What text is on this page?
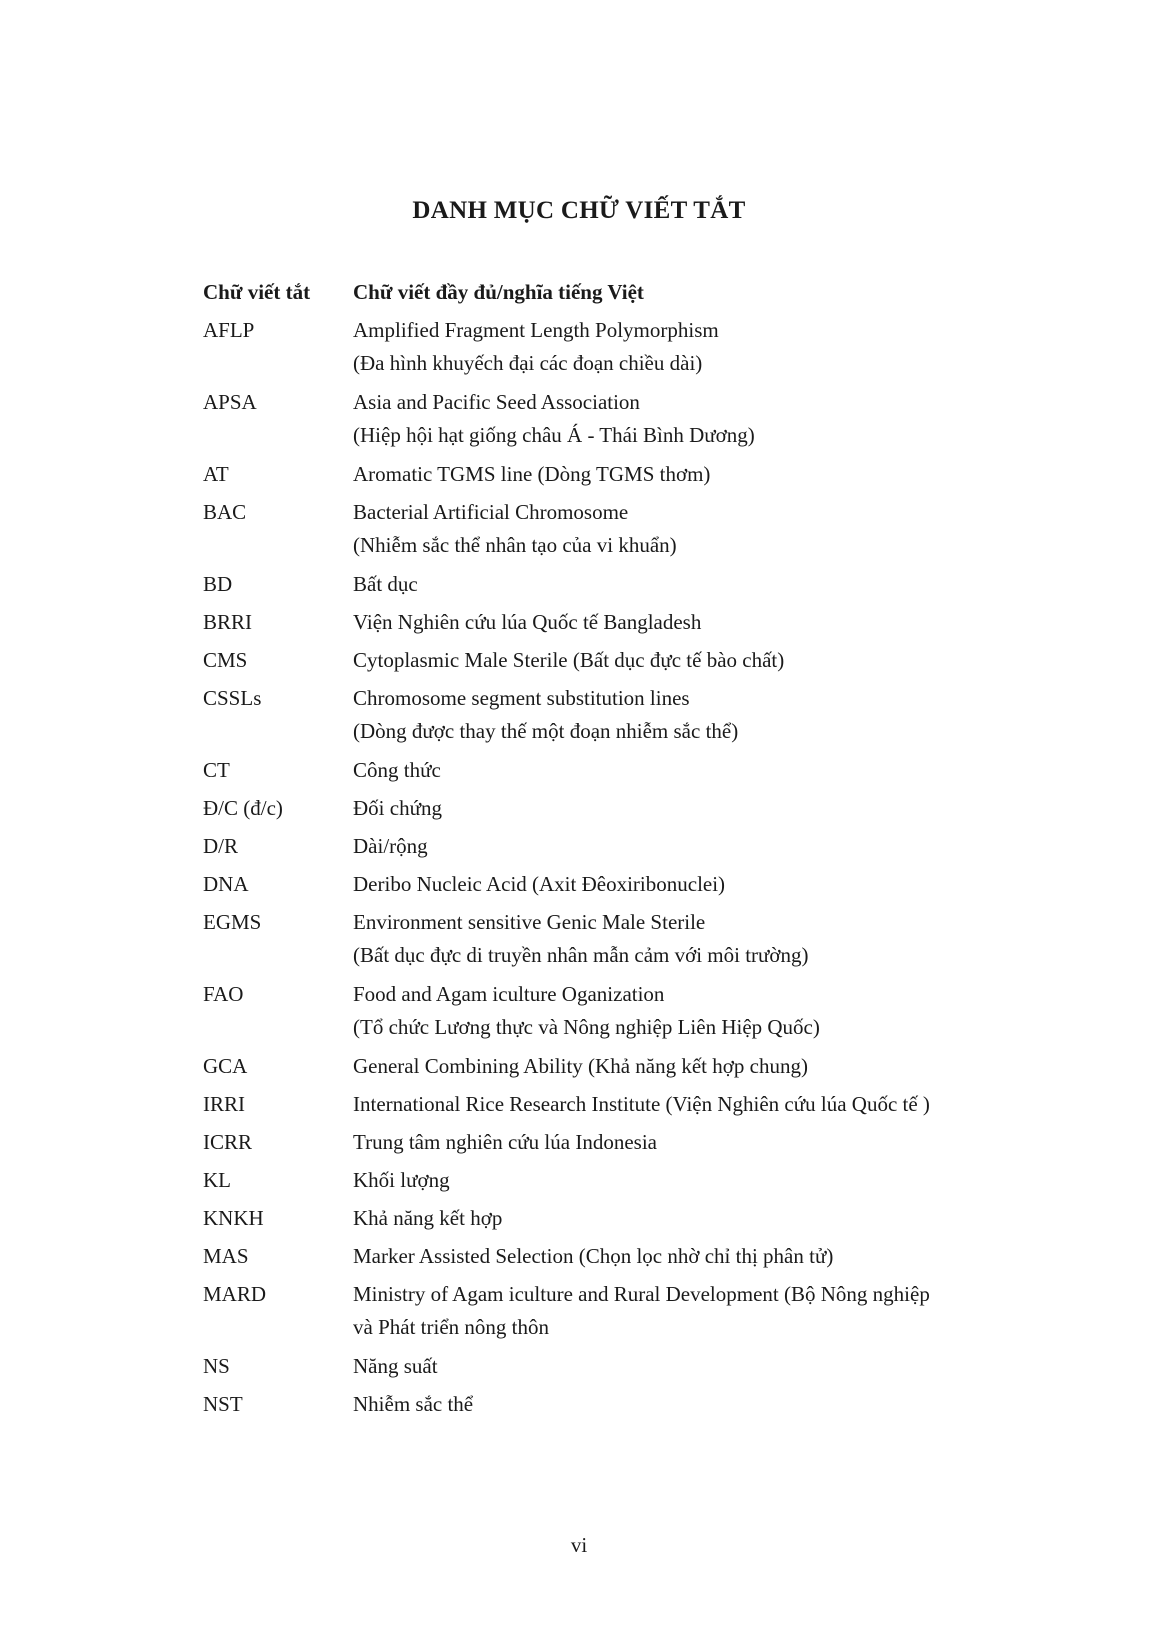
DANH MỤC CHỮ VIẾT TẮT
Chữ viết tắt	Chữ viết đầy đủ/nghĩa tiếng Việt
AFLP	Amplified Fragment Length Polymorphism
(Đa hình khuyếch đại các đoạn chiều dài)
APSA	Asia and Pacific Seed Association
(Hiệp hội hạt giống châu Á - Thái Bình Dương)
AT	Aromatic TGMS line (Dòng TGMS thơm)
BAC	Bacterial Artificial Chromosome
(Nhiễm sắc thể nhân tạo của vi khuẩn)
BD	Bất dục
BRRI	Viện Nghiên cứu lúa Quốc tế Bangladesh
CMS	Cytoplasmic Male Sterile (Bất dục đực tế bào chất)
CSSLs	Chromosome segment substitution lines
(Dòng được thay thế một đoạn nhiễm sắc thể)
CT	Công thức
Đ/C (đ/c)	Đối chứng
D/R	Dài/rộng
DNA	Deribo Nucleic Acid (Axit Đêoxiribonuclei)
EGMS	Environment sensitive Genic Male Sterile
(Bất dục đực di truyền nhân mẫn cảm với môi trường)
FAO	Food and Agam iculture Oganization
(Tổ chức Lương thực và Nông nghiệp Liên Hiệp Quốc)
GCA	General Combining Ability (Khả năng kết hợp chung)
IRRI	International Rice Research Institute (Viện Nghiên cứu lúa Quốc tế )
ICRR	Trung tâm nghiên cứu lúa Indonesia
KL	Khối lượng
KNKH	Khả năng kết hợp
MAS	Marker Assisted Selection (Chọn lọc nhờ chỉ thị phân tử)
MARD	Ministry of Agam iculture and Rural Development (Bộ Nông nghiệp
và Phát triển nông thôn
NS	Năng suất
NST	Nhiễm sắc thể
vi
